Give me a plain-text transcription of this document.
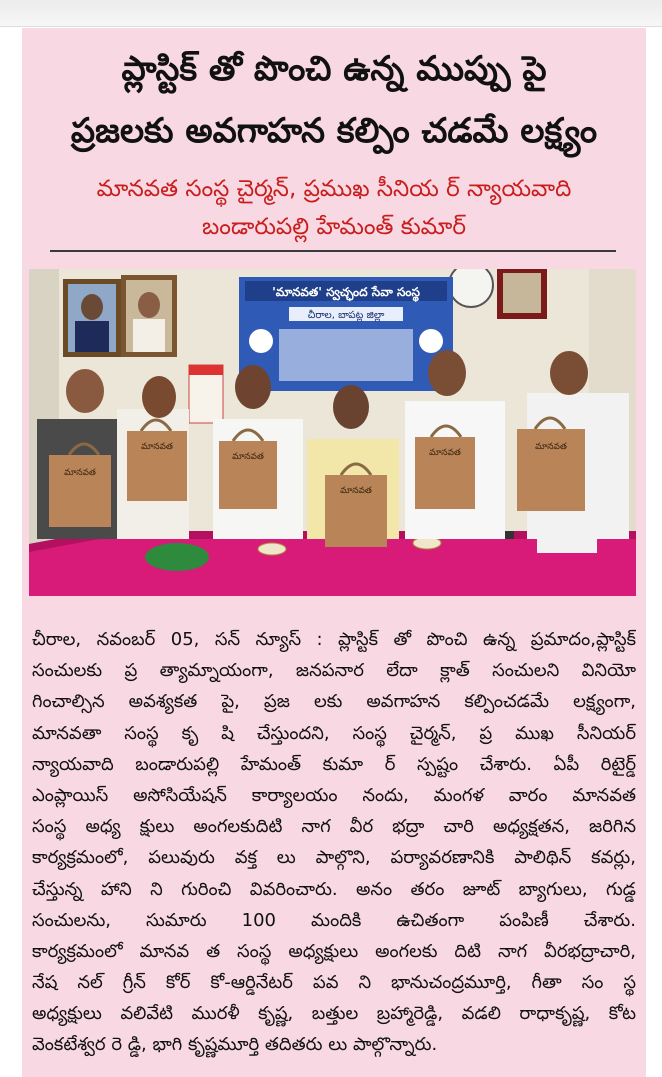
ప్లాస్టిక్ తో పొంచి ఉన్న ముప్పు పై
ప్రజలకు అవగాహన కల్పిం చడమే లక్ష్యం
మానవత సంస్థ చైర్మన్, ప్రముఖ సీనియ ర్ న్యాయవాది
బండారుపల్లి హేమంత్ కుమార్
'మానవత' స్వచ్ఛంద సేవా సంస్థ
చీరాల, బాపట్ల జిల్లా
మానవత
మానవత
మానవత
మానవత
మానవత
మానవత
చీరాల, నవంబర్ 05, సన్ న్యూస్ : ప్లాస్టిక్ తో పొంచి ఉన్న ప్రమాదం,ప్లాస్టిక్
సంచులకు ప్ర త్యామ్నాయంగా, జనపనార లేదా క్లాత్ సంచులని వినియో
గించాల్సిన అవశ్యకత పై, ప్రజ లకు అవగాహన కల్పించడమే లక్ష్యంగా,
మానవతా సంస్థ కృ షి చేస్తుందని, సంస్థ చైర్మన్, ప్ర ముఖ సీనియర్
న్యాయవాది బండారుపల్లి హేమంత్ కుమా ర్ స్పష్టం చేశారు. ఏపీ రిటైర్డ్
ఎంప్లాయిస్ అసోసియేషన్ కార్యాలయం నందు, మంగళ వారం మానవత
సంస్థ అధ్య క్షులు అంగలకుదిటి నాగ వీర భద్రా చారి అధ్యక్షతన, జరిగిన
కార్యక్రమంలో, పలువురు వక్త లు పాల్గొని, పర్యావరణానికి పాలిథిన్ కవర్లు,
చేస్తున్న హాని ని గురించి వివరించారు. అనం తరం జూట్ బ్యాగులు, గుడ్డ
సంచులను, సుమారు 100 మందికి ఉచితంగా పంపిణీ చేశారు.
కార్యక్రమంలో మానవ త సంస్థ అధ్యక్షులు అంగలకు దిటి నాగ వీరభద్రాచారి,
నేష నల్ గ్రీన్ కోర్ కో-ఆర్డినేటర్ పవ ని భానుచంద్రమూర్తి, గీతా సం స్థ
అధ్యక్షులు వలివేటి మురళీ కృష్ణ, బత్తుల బ్రహ్మారెడ్డి, వడలి రాధాకృష్ణ, కోట
వెంకటేశ్వర రె డ్డి, భాగి కృష్ణమూర్తి తదితరు లు పాల్గొన్నారు.
